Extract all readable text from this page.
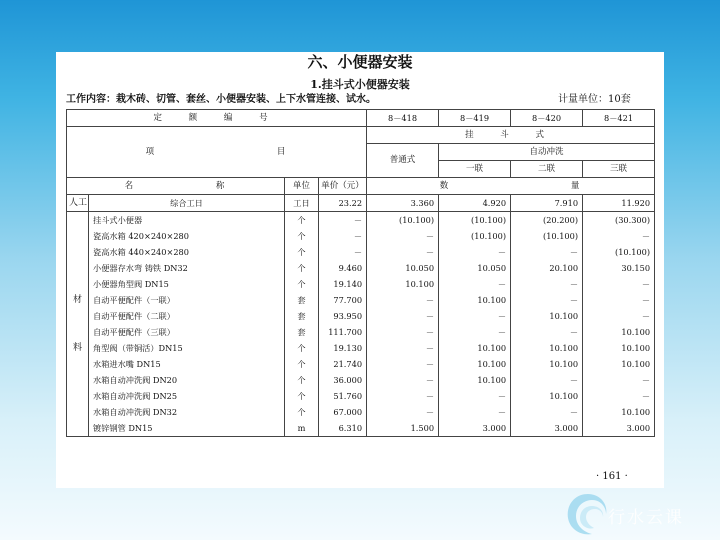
六、小便器安装
1.挂斗式小便器安装
工作内容：栽木砖、切管、套丝、小便器安装、上下水管连接、试水。	计量单位：10套
定 额 编 号				8－418	8－419	8－420	8－421
项 目				挂 斗 式			
				普通式	自动冲洗		
					一联	二联	三联
名 称		单位	单价（元）	数 量			
人工	综合工日	工日	23.22	3.360	4.920	7.910	11.920
	挂斗式小便器	个	－	(10.100)	(10.100)	(20.200)	(30.300)
	瓷高水箱 420×240×280	个	－	－	(10.100)	(10.100)	－
	瓷高水箱 440×240×280	个	－	－	－	－	(10.100)
	小便器存水弯 铸铁 DN32	个	9.460	10.050	10.050	20.100	30.150
	小便器角型阀 DN15	个	19.140	10.100	－	－	－
材	自动平便配件（一联）	套	77.700	－	10.100	－	－
	自动平便配件（二联）	套	93.950	－	－	10.100	－
	自动平便配件（三联）	套	111.700	－	－	－	10.100
料	角型阀（带铜活）DN15	个	19.130	－	10.100	10.100	10.100
	水箱进水嘴 DN15	个	21.740	－	10.100	10.100	10.100
	水箱自动冲洗阀 DN20	个	36.000	－	10.100	－	－
	水箱自动冲洗阀 DN25	个	51.760	－	－	10.100	－
	水箱自动冲洗阀 DN32	个	67.000	－	－	－	10.100
	镀锌钢管 DN15	m	6.310	1.500	3.000	3.000	3.000
· 161 ·
行水云课
